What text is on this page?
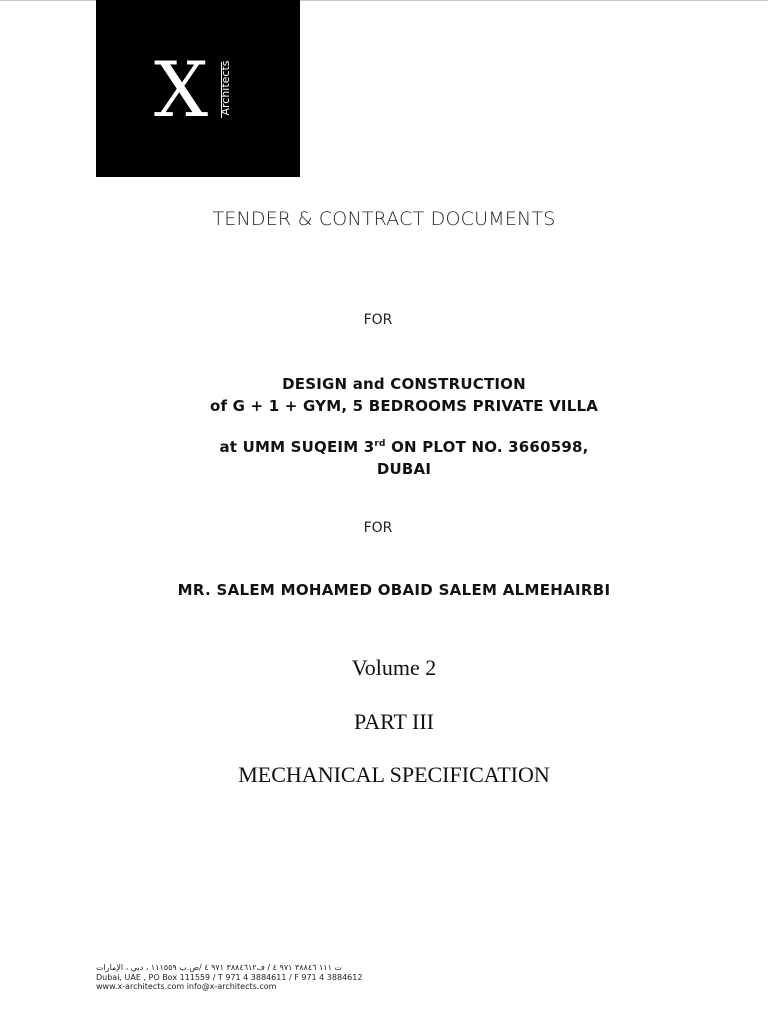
X Architects
TENDER & CONTRACT DOCUMENTS
FOR
DESIGN and CONSTRUCTION
of G + 1 + GYM, 5 BEDROOMS PRIVATE VILLA
at UMM SUQEIM 3rd ON PLOT NO. 3660598,
DUBAI
FOR
MR. SALEM MOHAMED OBAID SALEM ALMEHAIRBI
Volume 2
PART III
MECHANICAL SPECIFICATION
ت ١١١ ٣٨٨٤٦ ٩٧١ ٤ / ف٣٨٨٤٦١٢ ٩٧١ ٤ /ص.ب ١١١٥٥٩ ، دبي ، الإمارات
Dubai, UAE , PO Box 111559 / T 971 4 3884611 / F 971 4 3884612
www.x-architects.com info@x-architects.com
